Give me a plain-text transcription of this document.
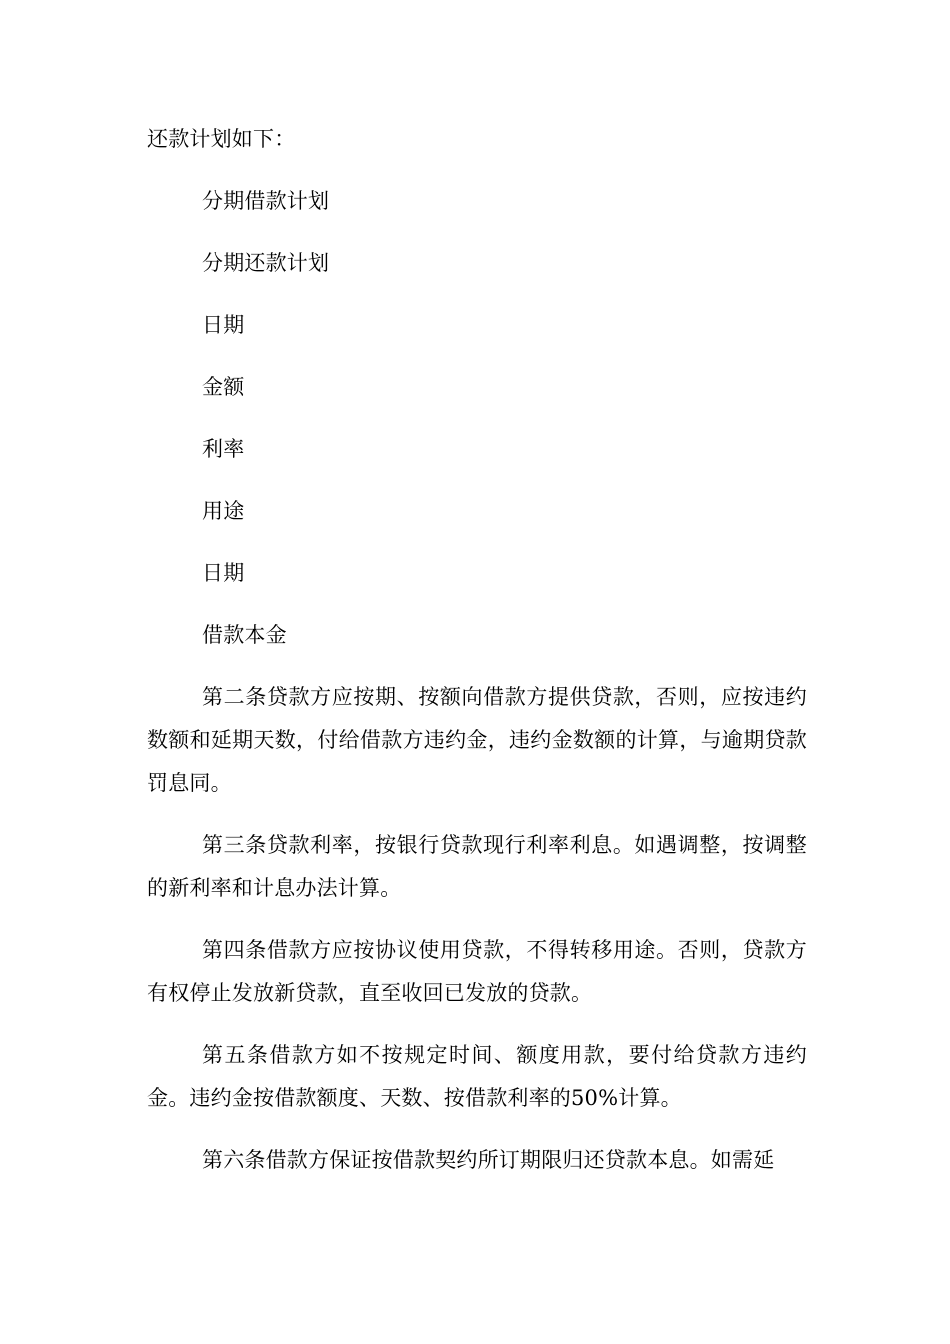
还款计划如下：

分期借款计划

分期还款计划

日期

金额

利率

用途

日期

借款本金

第二条贷款方应按期、按额向借款方提供贷款，否则，应按违约数额和延期天数，付给借款方违约金，违约金数额的计算，与逾期贷款罚息同。

第三条贷款利率，按银行贷款现行利率利息。如遇调整，按调整的新利率和计息办法计算。

第四条借款方应按协议使用贷款，不得转移用途。否则，贷款方有权停止发放新贷款，直至收回已发放的贷款。

第五条借款方如不按规定时间、额度用款，要付给贷款方违约金。违约金按借款额度、天数、按借款利率的50%计算。

第六条借款方保证按借款契约所订期限归还贷款本息。如需延
